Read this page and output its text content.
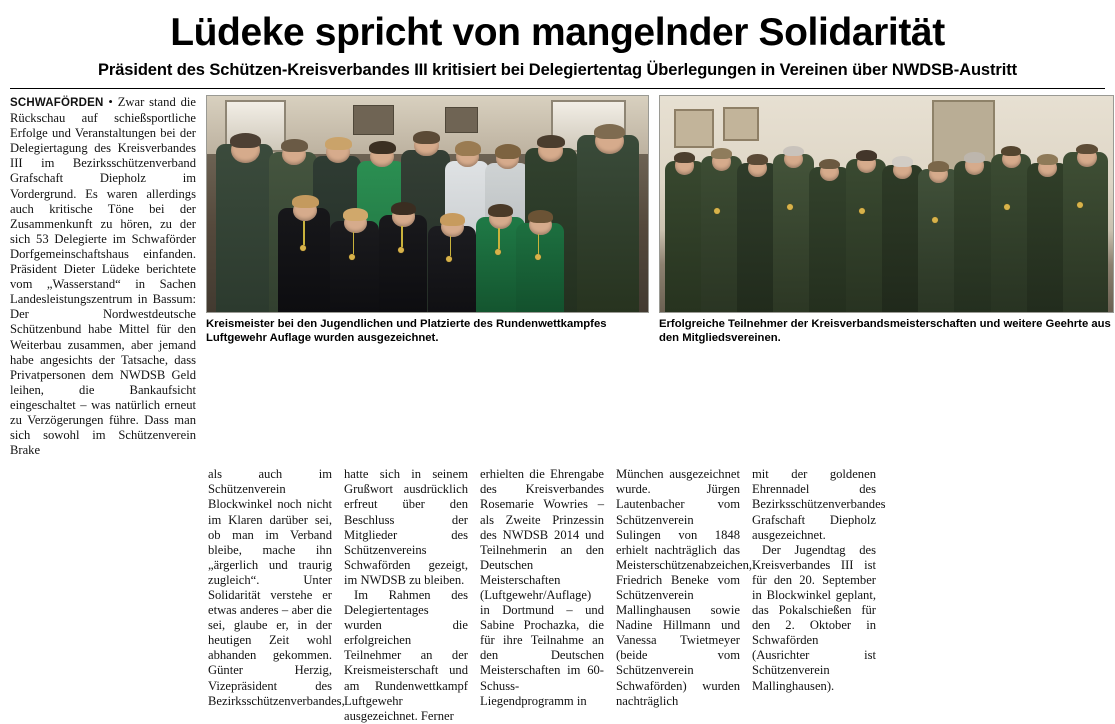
Lüdeke spricht von mangelnder Solidarität
Präsident des Schützen-Kreisverbandes III kritisiert bei Delegiertentag Überlegungen in Vereinen über NWDSB-Austritt
SCHWAFÖRDEN • Zwar stand die Rückschau auf schießsportliche Erfolge und Veranstaltungen bei der Delegiertagung des Kreisverbandes III im Bezirksschützenverband Grafschaft Diepholz im Vordergrund. Es waren allerdings auch kritische Töne bei der Zusammenkunft zu hören, zu der sich 53 Delegierte im Schwaförder Dorfgemeinschaftshaus einfanden. Präsident Dieter Lüdeke berichtete vom „Wasserstand“ in Sachen Landesleistungszentrum in Bassum: Der Nordwestdeutsche Schützenbund habe Mittel für den Weiterbau zusammen, aber jemand habe angesichts der Tatsache, dass Privatpersonen dem NWDSB Geld leihen, die Bankaufsicht eingeschaltet – was natürlich erneut zu Verzögerungen führe. Dass man sich sowohl im Schützenverein Brake
Kreismeister bei den Jugendlichen und Platzierte des Rundenwettkampfes Luftgewehr Auflage wurden ausgezeichnet.
Erfolgreiche Teilnehmer der Kreisverbandsmeisterschaften und weitere Geehrte aus den Mitgliedsvereinen.

als auch im Schützenverein Blockwinkel noch nicht im Klaren darüber sei, ob man im Verband bleibe, mache ihn „ärgerlich und traurig zugleich“. Unter Solidarität verstehe er etwas anderes – aber die sei, glaube er, in der heutigen Zeit wohl abhanden gekommen. Günter Herzig, Vizepräsident des Bezirksschützenverbandes,

hatte sich in seinem Grußwort ausdrücklich erfreut über den Beschluss der Mitglieder des Schützenvereins Schwaförden gezeigt, im NWDSB zu bleiben.

Im Rahmen des Delegiertentages wurden die erfolgreichen Teilnehmer an der Kreismeisterschaft und am Rundenwettkampf Luftgewehr ausgezeichnet. Ferner

erhielten die Ehrengabe des Kreisverbandes Rosemarie Wowries – als Zweite Prinzessin des NWDSB 2014 und Teilnehmerin an den Deutschen Meisterschaften (Luftgewehr/Auflage) in Dortmund – und Sabine Prochazka, die für ihre Teilnahme an den Deutschen Meisterschaften im 60-Schuss-Liegendprogramm in

München ausgezeichnet wurde. Jürgen Lautenbacher vom Schützenverein Sulingen von 1848 erhielt nachträglich das Meisterschützenabzeichen, Friedrich Beneke vom Schützenverein Mallinghausen sowie Nadine Hillmann und Vanessa Twietmeyer (beide vom Schützenverein Schwaförden) wurden nachträglich

mit der goldenen Ehrennadel des Bezirksschützenverbandes Grafschaft Diepholz ausgezeichnet.

Der Jugendtag des Kreisverbandes III ist für den 20. September in Blockwinkel geplant, das Pokalschießen für den 2. Oktober in Schwaförden (Ausrichter ist Schützenverein Mallinghausen).
